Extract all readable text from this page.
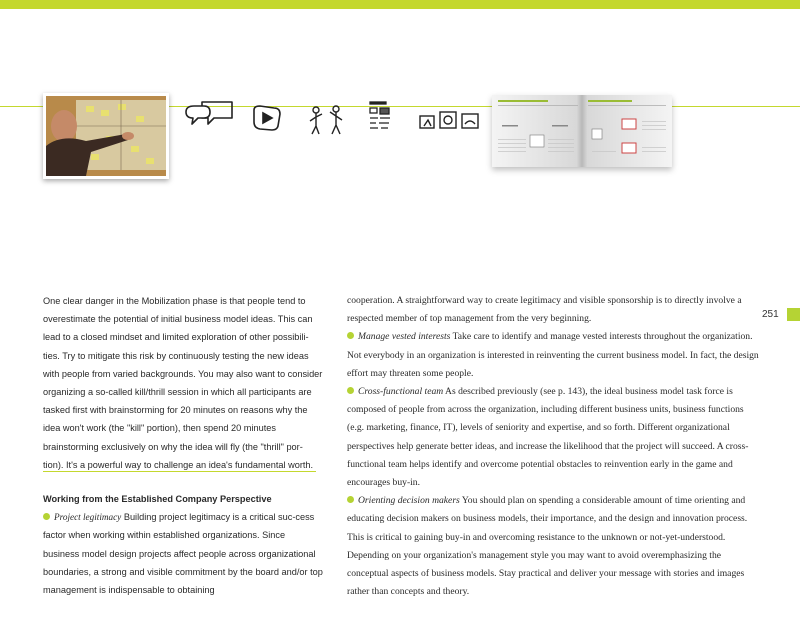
One clear danger in the Mobilization phase is that people tend to overestimate the potential of initial business model ideas. This can lead to a closed mindset and limited exploration of other possibili-ties. Try to mitigate this risk by continuously testing the new ideas with people from varied backgrounds. You may also want to consider organizing a so-called kill/thrill session in which all participants are tasked first with brainstorming for 20 minutes on reasons why the idea won't work (the "kill" portion), then spend 20 minutes brainstorming exclusively on why the idea will fly (the "thrill" por-tion). It's a powerful way to challenge an idea's fundamental worth.

Working from the Established Company Perspective

Project legitimacy Building project legitimacy is a critical suc-cess factor when working within established organizations. Since business model design projects affect people across organizational boundaries, a strong and visible commitment by the board and/or top management is indispensable to obtaining

cooperation. A straightforward way to create legitimacy and visible sponsorship is to directly involve a respected member of top management from the very beginning.

Manage vested interests Take care to identify and manage vested interests throughout the organization. Not everybody in an organization is interested in reinventing the current business model. In fact, the design effort may threaten some people.

Cross-functional team As described previously (see p. 143), the ideal business model task force is composed of people from across the organization, including different business units, business functions (e.g. marketing, finance, IT), levels of seniority and expertise, and so forth. Different organizational perspectives help generate better ideas, and increase the likelihood that the project will succeed. A cross-functional team helps identify and overcome potential obstacles to reinvention early in the game and encourages buy-in.

Orienting decision makers You should plan on spending a considerable amount of time orienting and educating decision makers on business models, their importance, and the design and innovation process. This is critical to gaining buy-in and overcoming resistance to the unknown or not-yet-understood. Depending on your organization's management style you may want to avoid overemphasizing the conceptual aspects of business models. Stay practical and deliver your message with stories and images rather than concepts and theory.

251
